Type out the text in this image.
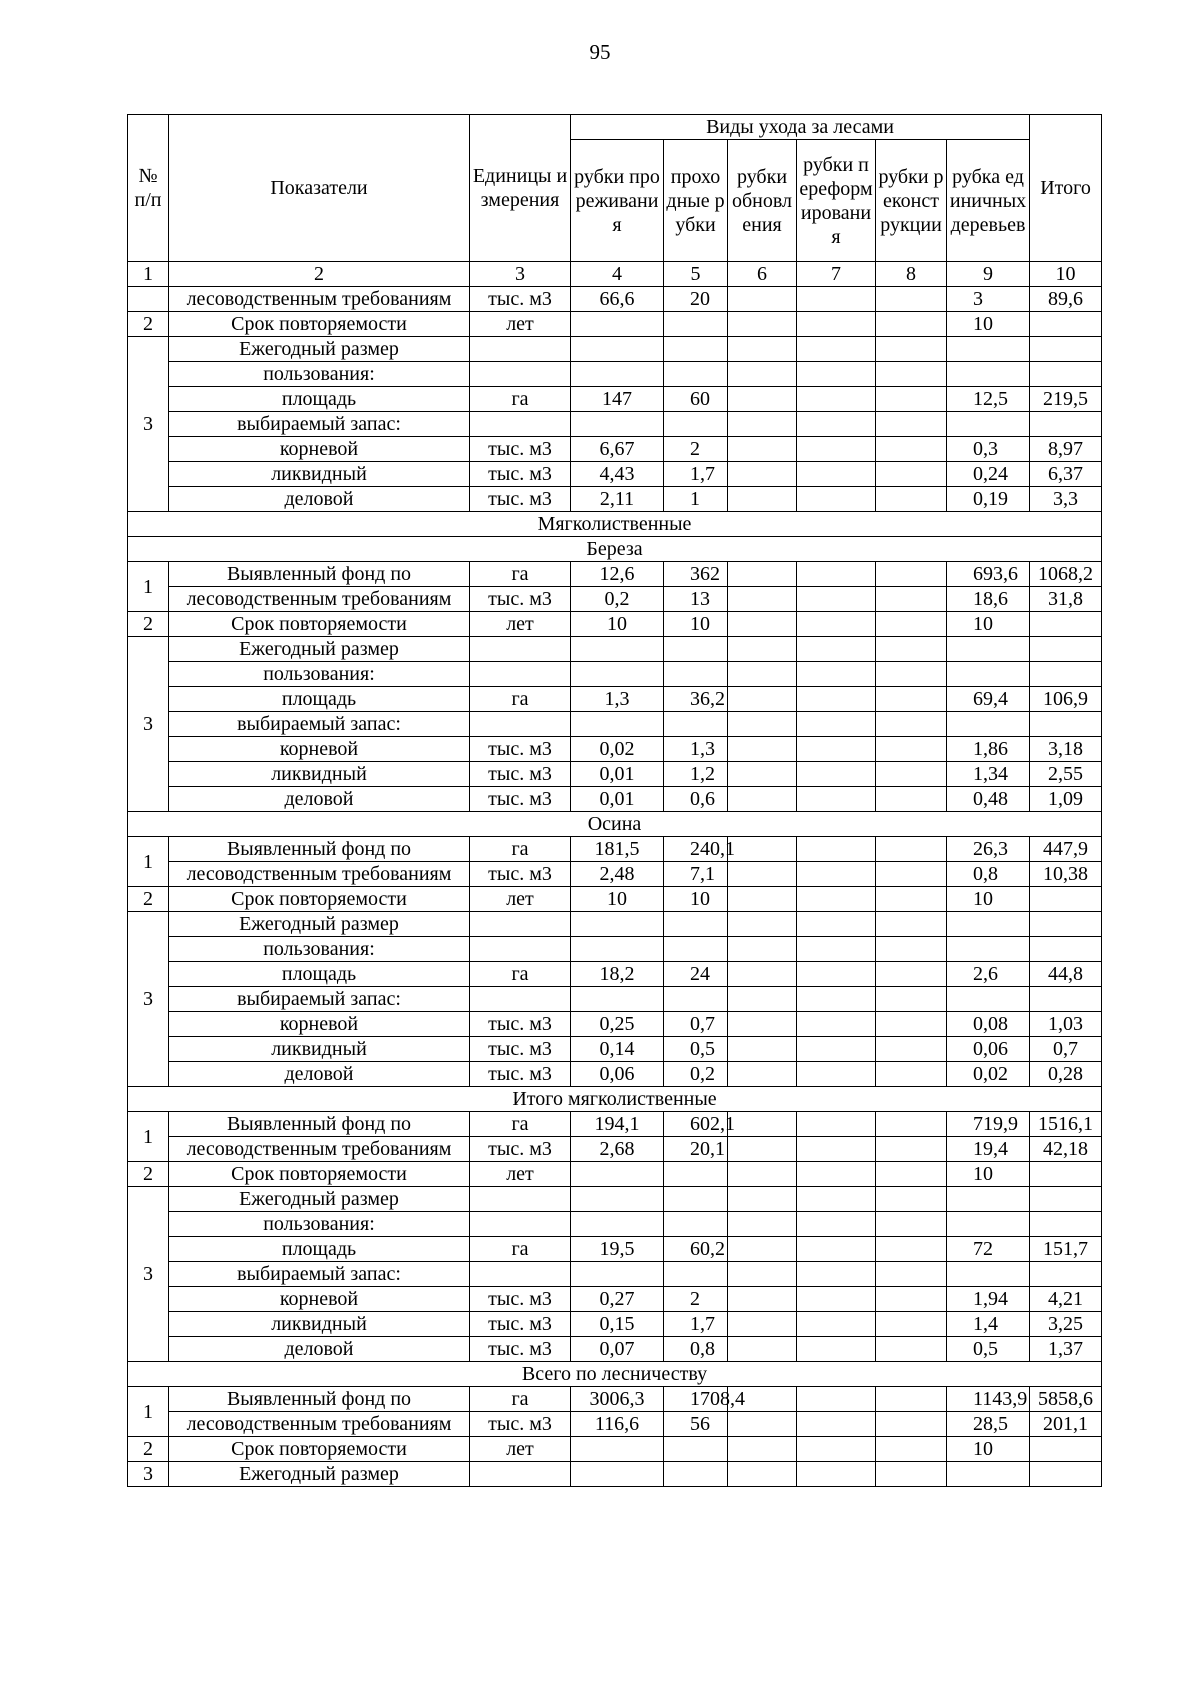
95
№ п/п	Показатели	Единицы измерения	Виды ухода за лесами						Итого
			рубки прореживания	проходные рубки	рубки обновления	рубки переформирования	рубки реконструкции	рубка единичных деревьев	
1	2	3	4	5	6	7	8	9	10
	лесоводственным требованиям	тыс. м3	66,6	20				3	89,6
2	Срок повторяемости	лет						10	
3	Ежегодный размер								
	пользования:								
	площадь	га	147	60				12,5	219,5
	выбираемый запас:								
	корневой	тыс. м3	6,67	2				0,3	8,97
	ликвидный	тыс. м3	4,43	1,7				0,24	6,37
	деловой	тыс. м3	2,11	1				0,19	3,3
Мягколиственные									
Береза									
1	Выявленный фонд по	га	12,6	362				693,6	1068,2
	лесоводственным требованиям	тыс. м3	0,2	13				18,6	31,8
2	Срок повторяемости	лет	10	10				10	
3	Ежегодный размер								
	пользования:								
	площадь	га	1,3	36,2				69,4	106,9
	выбираемый запас:								
	корневой	тыс. м3	0,02	1,3				1,86	3,18
	ликвидный	тыс. м3	0,01	1,2				1,34	2,55
	деловой	тыс. м3	0,01	0,6				0,48	1,09
Осина									
1	Выявленный фонд по	га	181,5	240,1				26,3	447,9
	лесоводственным требованиям	тыс. м3	2,48	7,1				0,8	10,38
2	Срок повторяемости	лет	10	10				10	
3	Ежегодный размер								
	пользования:								
	площадь	га	18,2	24				2,6	44,8
	выбираемый запас:								
	корневой	тыс. м3	0,25	0,7				0,08	1,03
	ликвидный	тыс. м3	0,14	0,5				0,06	0,7
	деловой	тыс. м3	0,06	0,2				0,02	0,28
Итого мягколиственные									
1	Выявленный фонд по	га	194,1	602,1				719,9	1516,1
	лесоводственным требованиям	тыс. м3	2,68	20,1				19,4	42,18
2	Срок повторяемости	лет						10	
3	Ежегодный размер								
	пользования:								
	площадь	га	19,5	60,2				72	151,7
	выбираемый запас:								
	корневой	тыс. м3	0,27	2				1,94	4,21
	ликвидный	тыс. м3	0,15	1,7				1,4	3,25
	деловой	тыс. м3	0,07	0,8				0,5	1,37
Всего по лесничеству									
1	Выявленный фонд по	га	3006,3	1708,4				1143,9	5858,6
	лесоводственным требованиям	тыс. м3	116,6	56				28,5	201,1
2	Срок повторяемости	лет						10	
3	Ежегодный размер								
